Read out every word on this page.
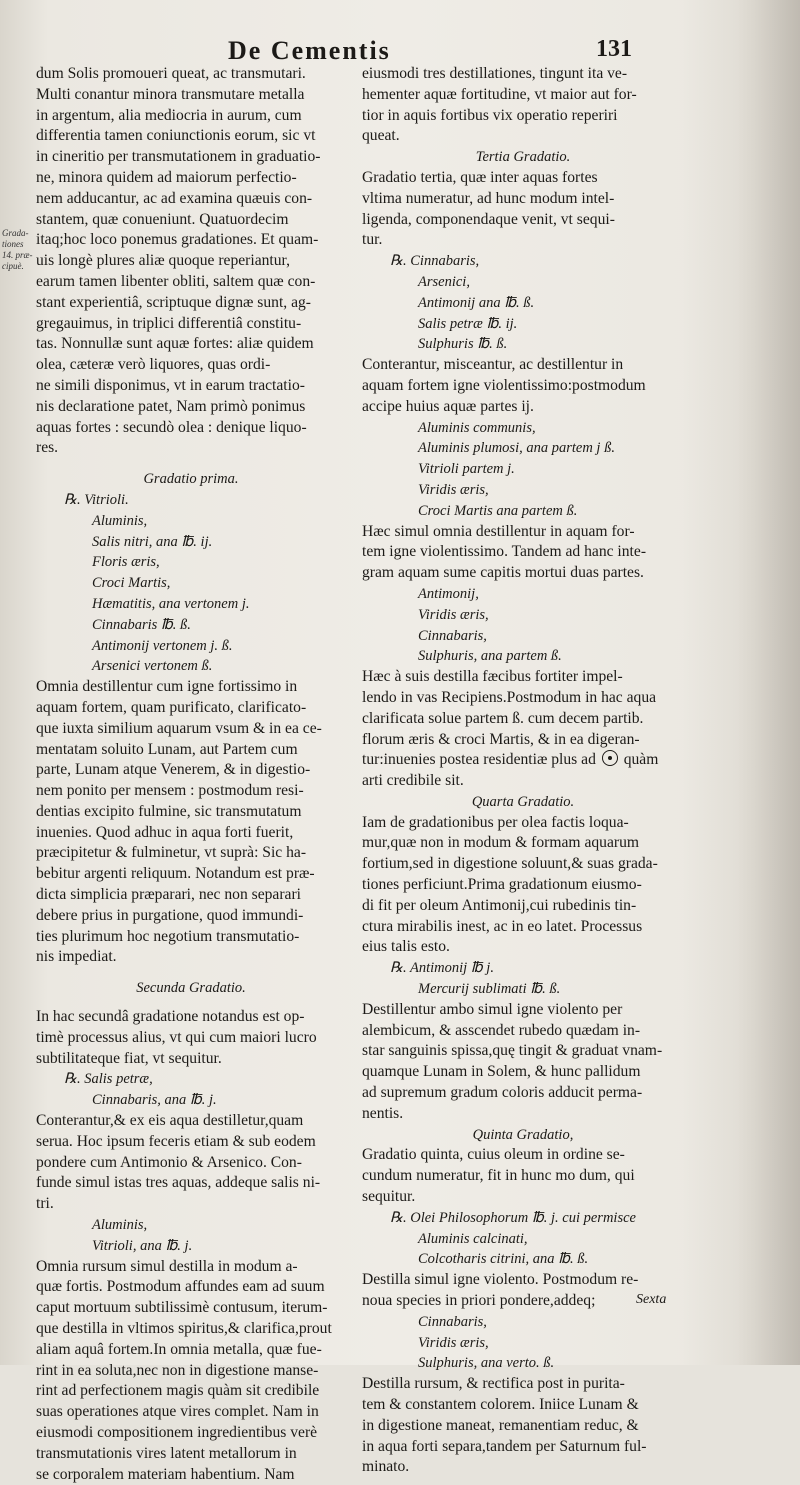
De Cementis	131
Grada-
tiones
14. præ-
cipuè.
dum Solis promoueri queat, ac transmutari.
Multi conantur minora transmutare metalla
in argentum, alia mediocria in aurum, cum
differentia tamen coniunctionis eorum, sic vt
in cineritio per transmutationem in graduatio-
ne, minora quidem ad maiorum perfectio-
nem adducantur, ac ad examina quæuis con-
stantem, quæ conueniunt. Quatuordecim
itaq;hoc loco ponemus gradationes. Et quam-
uis longè plures aliæ quoque reperiantur,
earum tamen libenter obliti, saltem quæ con-
stant experientiâ, scriptuque dignæ sunt, ag-
gregauimus, in triplici differentiâ constitu-
tas. Nonnullæ sunt aquæ fortes: aliæ quidem
olea, cæteræ verò liquores, quas ordi-
ne simili disponimus, vt in earum tractatio-
nis declaratione patet, Nam primò ponimus
aquas fortes : secundò olea : denique liquo-
res.
Gradatio prima.
℞. Vitrioli.
Aluminis,
Salis nitri, ana ℔. ij.
Floris æris,
Croci Martis,
Hæmatitis, ana vertonem j.
Cinnabaris ℔. ß.
Antimonij vertonem j. ß.
Arsenici vertonem ß.
Omnia destillentur cum igne fortissimo in
aquam fortem, quam purificato, clarificato-
que iuxta similium aquarum vsum & in ea ce-
mentatam soluito Lunam, aut Partem cum
parte, Lunam atque Venerem, & in digestio-
nem ponito per mensem : postmodum resi-
dentias excipito fulmine, sic transmutatum
inuenies. Quod adhuc in aqua forti fuerit,
præcipitetur & fulminetur, vt suprà: Sic ha-
bebitur argenti reliquum. Notandum est præ-
dicta simplicia præparari, nec non separari
debere prius in purgatione, quod immundi-
ties plurimum hoc negotium transmutatio-
nis impediat.
Secunda Gradatio.
In hac secundâ gradatione notandus est op-
timè processus alius, vt qui cum maiori lucro
subtilitateque fiat, vt sequitur.
℞. Salis petræ,
Cinnabaris, ana ℔. j.
Conterantur,& ex eis aqua destilletur,quam
serua. Hoc ipsum feceris etiam & sub eodem
pondere cum Antimonio & Arsenico. Con-
funde simul istas tres aquas, addeque salis ni-
tri.
Aluminis,
Vitrioli, ana ℔. j.
Omnia rursum simul destilla in modum a-
quæ fortis. Postmodum affundes eam ad suum
caput mortuum subtilissimè contusum, iterum-
que destilla in vltimos spiritus,& clarifica,prout
aliam aquâ fortem.In omnia metalla, quæ fue-
rint in ea soluta,nec non in digestione manse-
rint ad perfectionem magis quàm sit credibile
suas operationes atque vires complet. Nam in
eiusmodi compositionem ingredientibus verè
transmutationis vires latent metallorum in
se corporalem materiam habentium. Nam
eiusmodi tres destillationes, tingunt ita ve-
hementer aquæ fortitudine, vt maior aut for-
tior in aquis fortibus vix operatio reperiri
queat.
Tertia Gradatio.
Gradatio tertia, quæ inter aquas fortes
vltima numeratur, ad hunc modum intel-
ligenda, componendaque venit, vt sequi-
tur.
℞. Cinnabaris,
Arsenici,
Antimonij ana ℔. ß.
Salis petræ ℔. ij.
Sulphuris ℔. ß.
Conterantur, misceantur, ac destillentur in
aquam fortem igne violentissimo:postmodum
accipe huius aquæ partes ij.
Aluminis communis,
Aluminis plumosi, ana partem j ß.
Vitrioli partem j.
Viridis æris,
Croci Martis ana partem ß.
Hæc simul omnia destillentur in aquam for-
tem igne violentissimo. Tandem ad hanc inte-
gram aquam sume capitis mortui duas partes.
Antimonij,
Viridis æris,
Cinnabaris,
Sulphuris, ana partem ß.
Hæc à suis destilla fæcibus fortiter impel-
lendo in vas Recipiens.Postmodum in hac aqua
clarificata solue partem ß. cum decem partib.
florum æris & croci Martis, & in ea digeran-
tur:inuenies postea residentiæ plus ad quàm
arti credibile sit.
Quarta Gradatio.
Iam de gradationibus per olea factis loqua-
mur,quæ non in modum & formam aquarum
fortium,sed in digestione soluunt,& suas grada-
tiones perficiunt.Prima gradationum eiusmo-
di fit per oleum Antimonij,cui rubedinis tin-
ctura mirabilis inest, ac in eo latet. Processus
eius talis esto.
℞. Antimonij ℔ j.
Mercurij sublimati ℔. ß.
Destillentur ambo simul igne violento per
alembicum, & asscendet rubedo quædam in-
star sanguinis spissa,quę tingit & graduat vnam-
quamque Lunam in Solem, & hunc pallidum
ad supremum gradum coloris adducit perma-
nentis.
Quinta Gradatio,
Gradatio quinta, cuius oleum in ordine se-
cundum numeratur, fit in hunc mo dum, qui
sequitur.
℞. Olei Philosophorum ℔. j. cui permisce
Aluminis calcinati,
Colcotharis citrini, ana ℔. ß.
Destilla simul igne violento. Postmodum re-
noua species in priori pondere,addeq;
Cinnabaris,
Viridis æris,
Sulphuris, ana verto. ß.
Destilla rursum, & rectifica post in purita-
tem & constantem colorem. Iniice Lunam &
in digestione maneat, remanentiam reduc, &
in aqua forti separa,tandem per Saturnum ful-
minato.
Sexta
